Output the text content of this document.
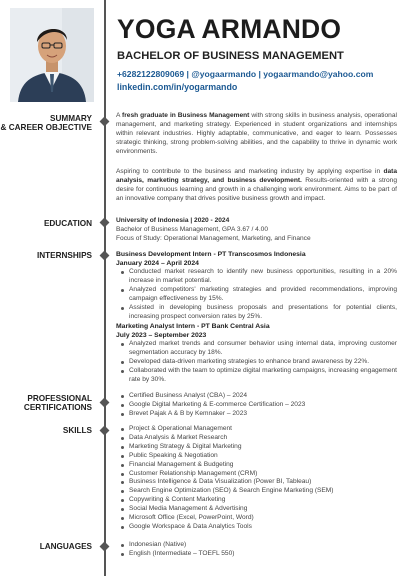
YOGA ARMANDO
BACHELOR OF BUSINESS MANAGEMENT
+6282122809069 | @yogaarmando | yogaarmando@yahoo.com
linkedin.com/in/yogarmando
SUMMARY
& CAREER OBJECTIVE
A fresh graduate in Business Management with strong skills in business analysis, operational management, and marketing strategy. Experienced in student organizations and internships within relevant industries. Highly adaptable, communicative, and eager to learn. Possesses strategic thinking, strong problem-solving abilities, and the capability to thrive in dynamic work environments.
Aspiring to contribute to the business and marketing industry by applying expertise in data analysis, marketing strategy, and business development. Results-oriented with a strong desire for continuous learning and growth in a challenging work environment. Aims to be part of an innovative company that drives positive business growth and impact.
EDUCATION	University of Indonesia | 2020 - 2024
Bachelor of Business Management, GPA 3.67 / 4.00
Focus of Study: Operational Management, Marketing, and Finance
INTERNSHIPS	Business Development Intern - PT Transcosmos Indonesia
January 2024 – April 2024
Conducted market research to identify new business opportunities, resulting in a 20% increase in market potential.
Analyzed competitors' marketing strategies and provided recommendations, improving campaign effectiveness by 15%.
Assisted in developing business proposals and presentations for potential clients, increasing prospect conversion rates by 25%.
Marketing Analyst Intern - PT Bank Central Asia
July 2023 – September 2023
Analyzed market trends and consumer behavior using internal data, improving customer segmentation accuracy by 18%.
Developed data-driven marketing strategies to enhance brand awareness by 22%.
Collaborated with the team to optimize digital marketing campaigns, increasing engagement rate by 30%.
PROFESSIONAL
CERTIFICATIONS
Certified Business Analyst (CBA) – 2024
Google Digital Marketing & E-commerce Certification – 2023
Brevet Pajak A & B by Kemnaker – 2023
SKILLS	Project & Operational Management
Data Analysis & Market Research
Marketing Strategy & Digital Marketing
Public Speaking & Negotiation
Financial Management & Budgeting
Customer Relationship Management (CRM)
Business Intelligence & Data Visualization (Power BI, Tableau)
Search Engine Optimization (SEO) & Search Engine Marketing (SEM)
Copywriting & Content Marketing
Social Media Management & Advertising
Microsoft Office (Excel, PowerPoint, Word)
Google Workspace & Data Analytics Tools
LANGUAGES	Indonesian (Native)
English (Intermediate – TOEFL 550)
